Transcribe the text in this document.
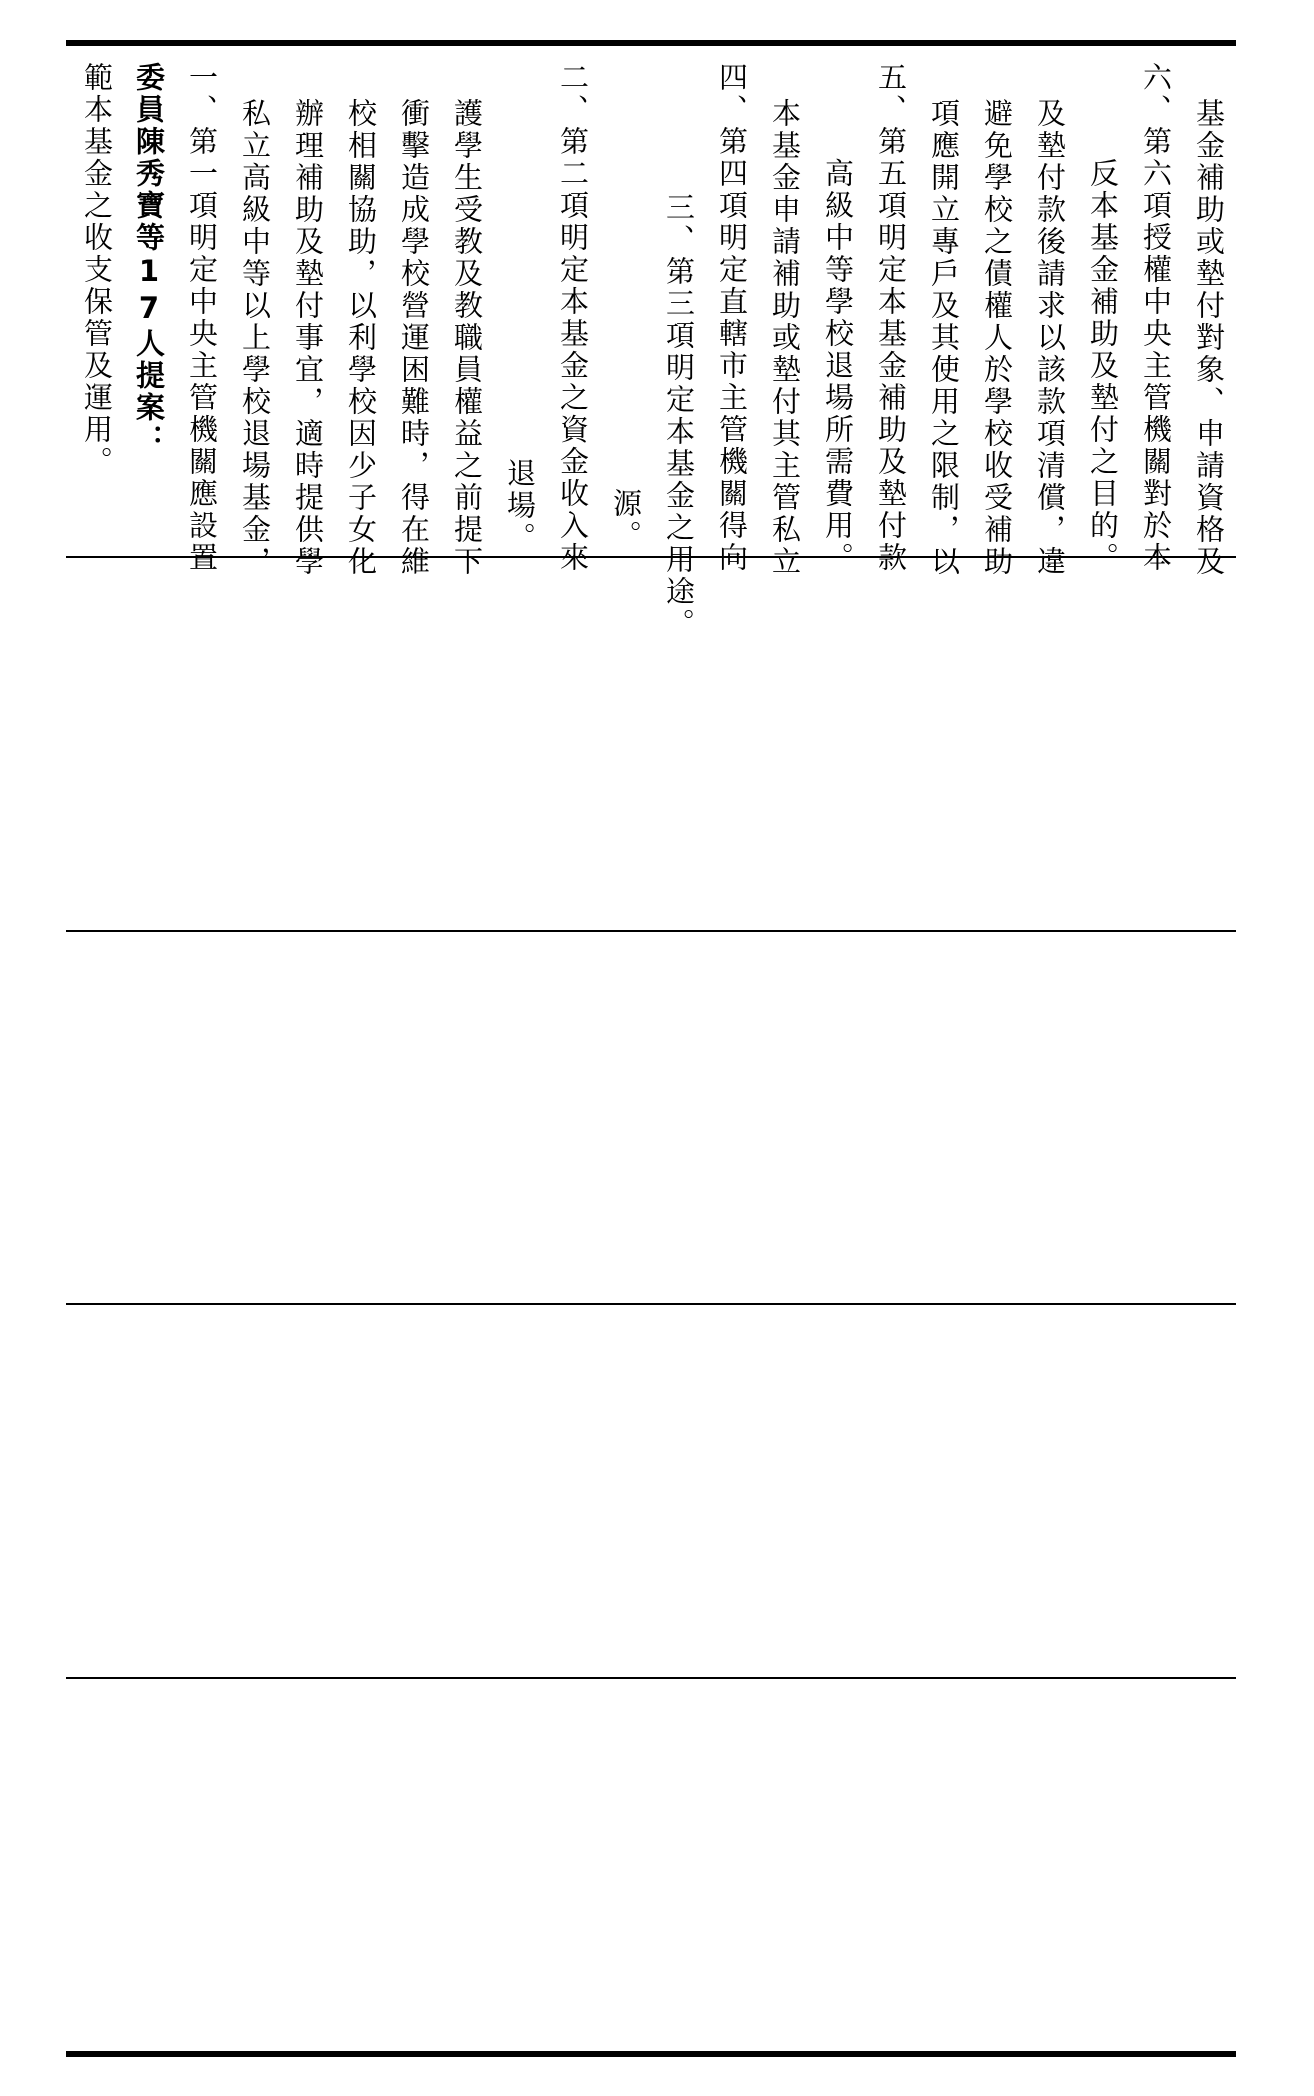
範本基金之收支保管及運用。 委員陳秀寶等17人提案： 一、第一項明定中央主管機關應設置 私立高級中等以上學校退場基金， 辦理補助及墊付事宜，適時提供學 校相關協助，以利學校因少子女化 衝擊造成學校營運困難時，得在維 護學生受教及教職員權益之前提下 退場。 二、第二項明定本基金之資金收入來 源。 三、第三項明定本基金之用途。 四、第四項明定直轄市主管機關得向 本基金申請補助或墊付其主管私立 高級中等學校退場所需費用。 五、第五項明定本基金補助及墊付款 項應開立專戶及其使用之限制，以 避免學校之債權人於學校收受補助 及墊付款後請求以該款項清償，違 反本基金補助及墊付之目的。 六、第六項授權中央主管機關對於本 基金補助或墊付對象、申請資格及
